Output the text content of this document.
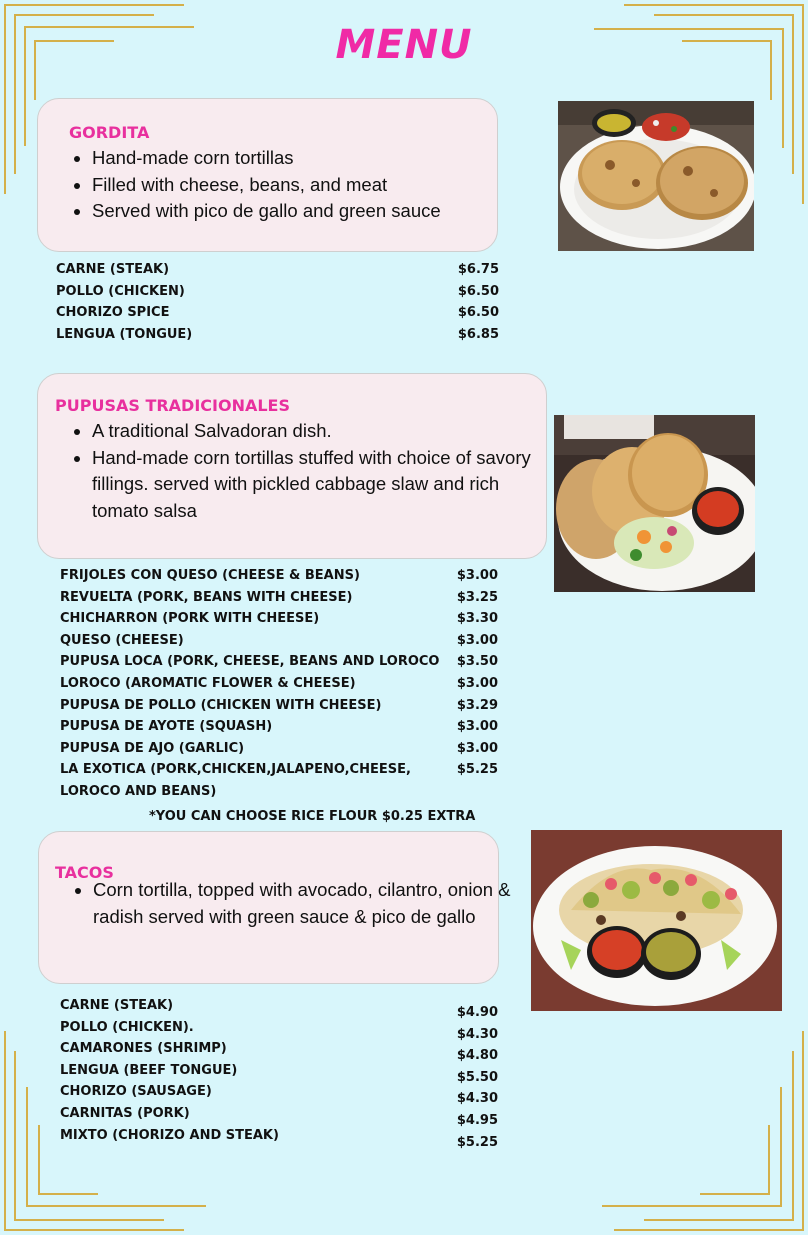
MENU
GORDITA
• Hand-made corn tortillas
• Filled with cheese, beans, and meat
• Served with pico de gallo and green sauce
CARNE (STEAK)	$6.75
POLLO (CHICKEN)	$6.50
CHORIZO SPICE	$6.50
LENGUA (TONGUE)	$6.85
PUPUSAS TRADICIONALES
• A traditional Salvadoran dish.
• Hand-made corn tortillas stuffed with choice of savory fillings. served with pickled cabbage slaw and rich tomato salsa
FRIJOLES CON QUESO (CHEESE & BEANS)	$3.00
REVUELTA (PORK, BEANS WITH CHEESE)	$3.25
CHICHARRON (PORK WITH CHEESE)	$3.30
QUESO (CHEESE)	$3.00
PUPUSA LOCA (PORK, CHEESE, BEANS AND LOROCO $3.50
LOROCO (AROMATIC FLOWER & CHEESE)	$3.00
PUPUSA DE POLLO (CHICKEN WITH CHEESE)	$3.29
PUPUSA DE AYOTE (SQUASH)	$3.00
PUPUSA DE AJO (GARLIC)	$3.00
LA EXOTICA (PORK,CHICKEN,JALAPENO,CHEESE,	$5.25
LOROCO AND BEANS)
*YOU CAN CHOOSE RICE FLOUR $0.25 EXTRA
TACOS
• Corn tortilla, topped with avocado, cilantro, onion & radish served with green sauce & pico de gallo
CARNE (STEAK)	$4.90
POLLO (CHICKEN).	$4.30
CAMARONES (SHRIMP)	$4.80
LENGUA (BEEF TONGUE)	$5.50
CHORIZO (SAUSAGE)	$4.30
CARNITAS (PORK)	$4.95
MIXTO (CHORIZO AND STEAK)	$5.25
